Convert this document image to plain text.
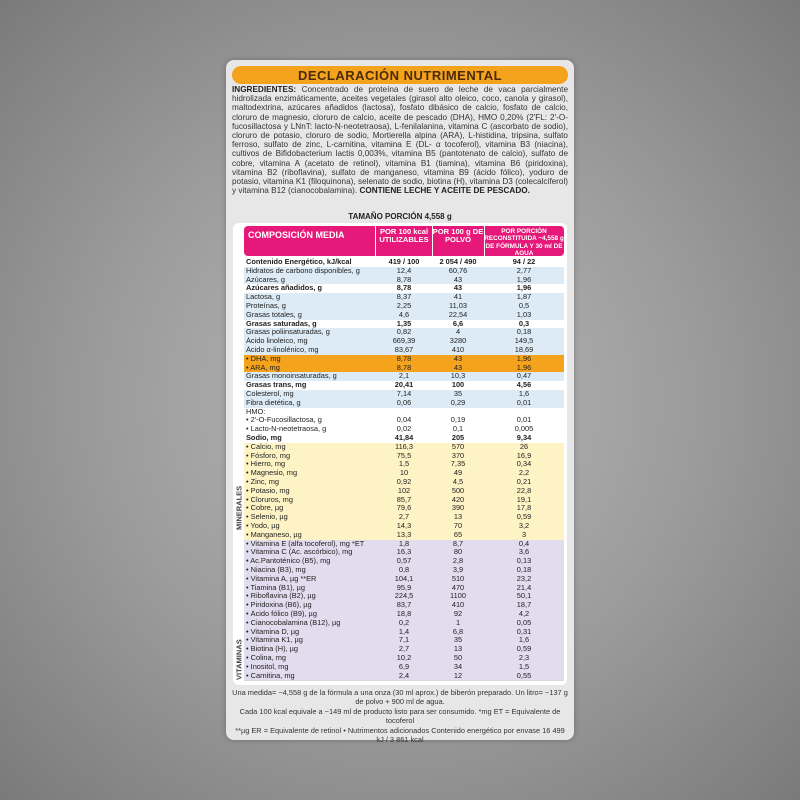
DECLARACIÓN NUTRIMENTAL
INGREDIENTES: Concentrado de proteína de suero de leche de vaca parcialmente hidrolizada enzimáticamente, aceites vegetales (girasol alto oleico, coco, canola y girasol), maltodextrina, azúcares añadidos (lactosa), fosfato dibásico de calcio, fosfato de calcio, cloruro de magnesio, cloruro de calcio, aceite de pescado (DHA), HMO 0,20% (2'FL: 2'-O-fucosillactosa y LNnT: lacto-N-neotetraosa), L-fenilalanina, vitamina C (ascorbato de sodio), cloruro de potasio, cloruro de sodio, Mortierella alpina (ARA), L-histidina, tripsina, sulfato ferroso, sulfato de zinc, L-carnitina, vitamina E (DL- α tocoferol), vitamina B3 (niacina), cultivos de Bifidobacterium lactis 0,003%, vitamina B5 (pantotenato de calcio), sulfato de cobre, vitamina A (acetato de retinol), vitamina B1 (tiamina), vitamina B6 (piridoxina), vitamina B2 (riboflavina), sulfato de manganeso, vitamina B9 (ácido fólico), yoduro de potasio, vitamina K1 (filoquinona), selenato de sodio, biotina (H), vitamina D3 (colecalciferol) y vitamina B12 (cianocobalamina). CONTIENE LECHE Y ACEITE DE PESCADO.
TAMAÑO PORCIÓN 4,558 g
COMPOSICIÓN MEDIA	POR 100 kcal UTILIZABLES
POR 100 g DE POLVO
POR PORCIÓN RECONSTITUIDA ~4,558 g DE FÓRMULA Y 30 ml DE AGUA
Contenido Energético, kJ/kcal	419 / 100	2 054 / 490	94 / 22
Hidratos de carbono disponibles, g	12,4	60,76	2,77
Azúcares, g	8,78	43	1,96
Azúcares añadidos, g	8,78	43	1,96
Lactosa, g	8,37	41	1,87
Proteínas, g	2,25	11,03	0,5
Grasas totales, g	4,6	22,54	1,03
Grasas saturadas, g	1,35	6,6	0,3
Grasas poliinsaturadas, g	0,82	4	0,18
Ácido linoleico, mg	669,39	3280	149,5
Ácido α-linolénico, mg	83,67	410	18,69
• DHA, mg	8,78	43	1,96
• ARA, mg	8,78	43	1,96
Grasas monoinsaturadas, g	2,1	10,3	0,47
Grasas trans, mg	20,41	100	4,56
Colesterol, mg	7,14	35	1,6
Fibra dietética, g	0,06	0,29	0,01
HMO:
• 2'-O-Fucosillactosa, g	0,04	0,19	0,01
• Lacto-N-neotetraosa, g	0,02	0,1	0,005
Sodio, mg	41,84	205	9,34
• Calcio, mg	116,3	570	26
• Fósforo, mg	75,5	370	16,9
• Hierro, mg	1,5	7,35	0,34
• Magnesio, mg	10	49	2,2
• Zinc, mg	0,92	4,5	0,21
• Potasio, mg	102	500	22,8
• Cloruros, mg	85,7	420	19,1
• Cobre, µg	79,6	390	17,8
• Selenio, µg	2,7	13	0,59
• Yodo, µg	14,3	70	3,2
• Manganeso, µg	13,3	65	3
• Vitamina E (alfa tocoferol), mg *ET	1,8	8,7	0,4
• Vitamina C (Ac. ascórbico), mg	16,3	80	3,6
• Ac.Pantoténico (B5), mg	0,57	2,8	0,13
• Niacina (B3), mg	0,8	3,9	0,18
• Vitamina A, µg **ER	104,1	510	23,2
• Tiamina (B1), µg	95,9	470	21,4
• Riboflavina (B2), µg	224,5	1100	50,1
• Piridoxina (B6), µg	83,7	410	18,7
• Ácido fólico (B9), µg	18,8	92	4,2
• Cianocobalamina (B12), µg	0,2	1	0,05
• Vitamina D, µg	1,4	6,8	0,31
• Vitamina K1, µg	7,1	35	1,6
• Biotina (H), µg	2,7	13	0,59
• Colina, mg	10,2	50	2,3
• Inositol, mg	6,9	34	1,5
• Carnitina, mg	2,4	12	0,55
MINERALES
VITAMINAS
Una medida= ~4,558 g de la fórmula a una onza (30 ml aprox.) de biberón preparado. Un litro= ~137 g de polvo + 900 ml de agua.
Cada 100 kcal equivale a ~149 ml de producto listo para ser consumido. *mg ET = Equivalente de tocoferol
**µg ER = Equivalente de retinol • Nutrimentos adicionados Contenido energético por envase 16 499 kJ / 3 861 kcal
